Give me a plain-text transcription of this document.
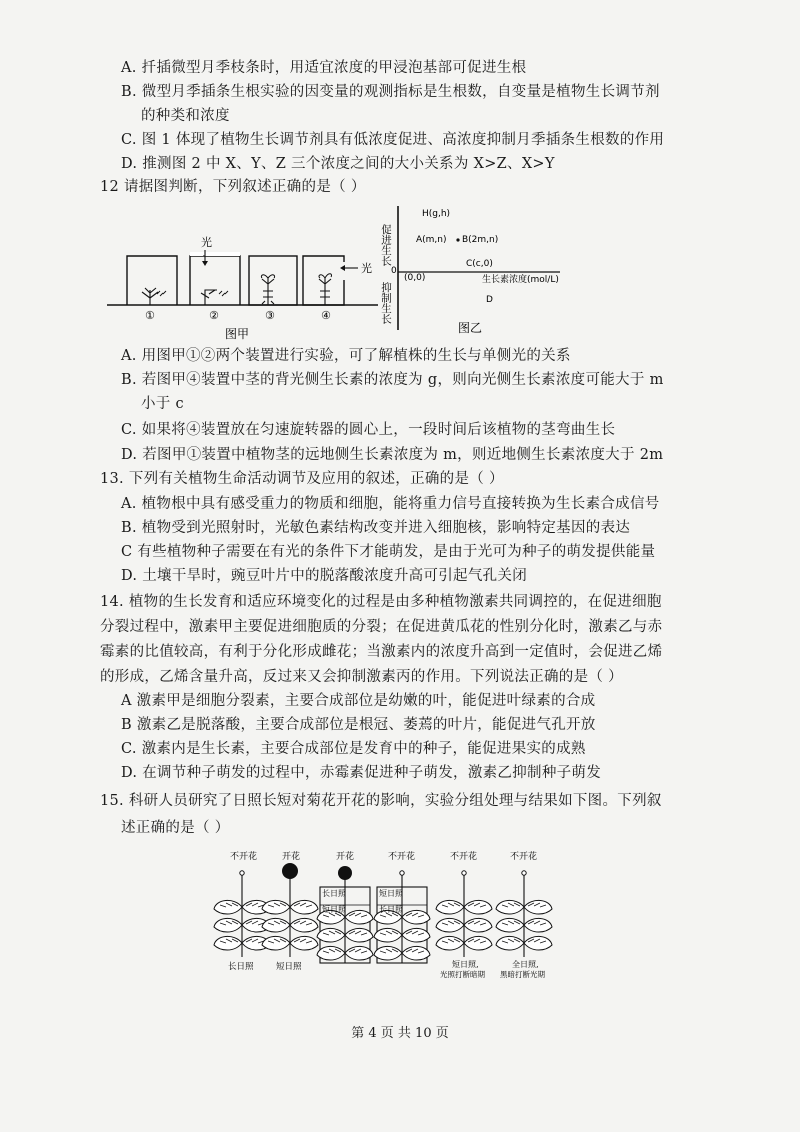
A. 扦插微型月季枝条时，用适宜浓度的甲浸泡基部可促进生根
B. 微型月季插条生根实验的因变量的观测指标是生根数，自变量是植物生长调节剂
的种类和浓度
C. 图 1 体现了植物生长调节剂具有低浓度促进、高浓度抑制月季插条生根数的作用
D. 推测图 2 中 X、Y、Z 三个浓度之间的大小关系为 X>Z、X>Y
12 请据图判断，下列叙述正确的是（ ）
光
光
①	②	③	④
图甲
促进生长
抑制生长
0
(0,0)
H(g,h)
A(m,n) B(2m,n)
C(c,0)
生长素浓度(mol/L)
D
图乙
A. 用图甲①②两个装置进行实验，可了解植株的生长与单侧光的关系
B. 若图甲④装置中茎的背光侧生长素的浓度为 g，则向光侧生长素浓度可能大于 m
小于 c
C. 如果将④装置放在匀速旋转器的圆心上，一段时间后该植物的茎弯曲生长
D. 若图甲①装置中植物茎的远地侧生长素浓度为 m，则近地侧生长素浓度大于 2m
13. 下列有关植物生命活动调节及应用的叙述，正确的是（ ）
A. 植物根中具有感受重力的物质和细胞，能将重力信号直接转换为生长素合成信号
B. 植物受到光照射时，光敏色素结构改变并进入细胞核，影响特定基因的表达
C 有些植物种子需要在有光的条件下才能萌发，是由于光可为种子的萌发提供能量
D. 土壤干旱时，豌豆叶片中的脱落酸浓度升高可引起气孔关闭
14. 植物的生长发育和适应环境变化的过程是由多种植物激素共同调控的，在促进细胞
分裂过程中，激素甲主要促进细胞质的分裂；在促进黄瓜花的性别分化时，激素乙与赤
霉素的比值较高，有利于分化形成雌花；当激素内的浓度升高到一定值时，会促进乙烯
的形成，乙烯含量升高，反过来又会抑制激素丙的作用。下列说法正确的是（ ）
A 激素甲是细胞分裂素，主要合成部位是幼嫩的叶，能促进叶绿素的合成
B 激素乙是脱落酸，主要合成部位是根冠、萎蔫的叶片，能促进气孔开放
C. 激素内是生长素，主要合成部位是发育中的种子，能促进果实的成熟
D. 在调节种子萌发的过程中，赤霉素促进种子萌发，激素乙抑制种子萌发
15. 科研人员研究了日照长短对菊花开花的影响，实验分组处理与结果如下图。下列叙
述正确的是（ ）
不开花	开花	开花	不开花	不开花	不开花
长日照
短日照
短日照
长日照
长日照	短日照	短日照,
光照打断暗期
全日照,
黑暗打断光期
第 4 页 共 10 页
